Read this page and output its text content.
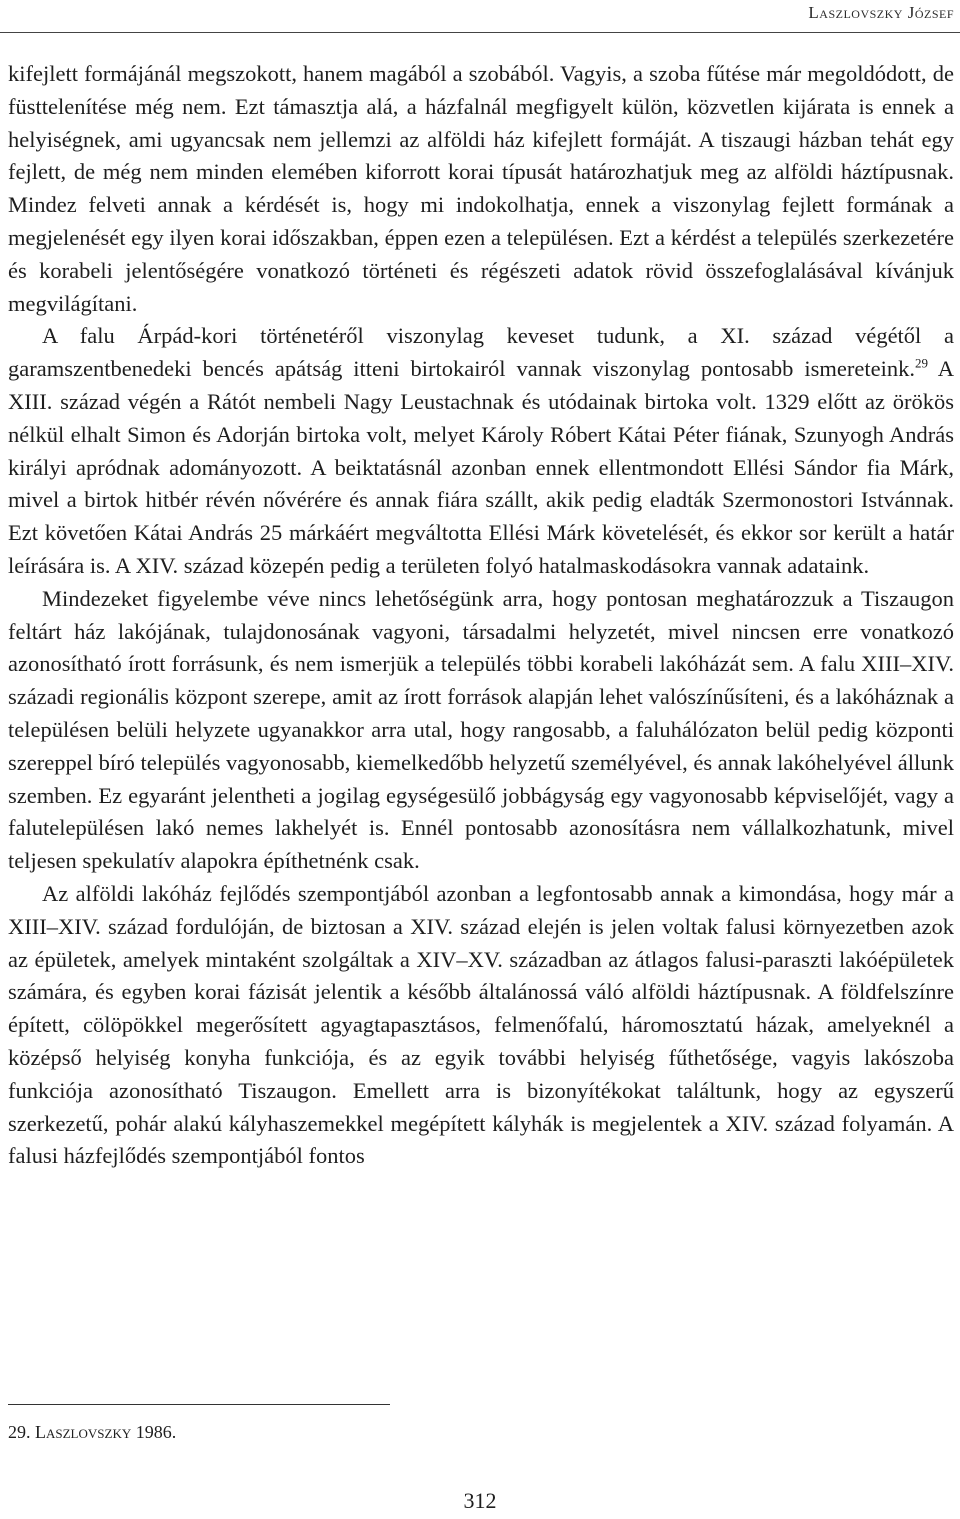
Laszlovszky József

kifejlett formájánál megszokott, hanem magából a szobából. Vagyis, a szoba fűtése már megoldódott, de füsttelenítése még nem. Ezt támasztja alá, a házfalnál megfigyelt külön, közvetlen kijárata is ennek a helyiségnek, ami ugyancsak nem jellemzi az alföldi ház kifejlett formáját. A tiszaugi házban tehát egy fejlett, de még nem minden elemében kiforrott korai típusát határozhatjuk meg az alföldi háztípusnak. Mindez felveti annak a kérdését is, hogy mi indokolhatja, ennek a viszonylag fejlett formának a megjelenését egy ilyen korai időszakban, éppen ezen a településen. Ezt a kérdést a település szerkezetére és korabeli jelentőségére vonatkozó történeti és régészeti adatok rövid összefoglalásával kívánjuk megvilágítani.

A falu Árpád-kori történetéről viszonylag keveset tudunk, a XI. század végétől a garamszentbenedeki bencés apátság itteni birtokairól vannak viszonylag pontosabb ismereteink.$^{29}$ A XIII. század végén a Rátót nembeli Nagy Leustachnak és utódainak birtoka volt. 1329 előtt az örökös nélkül elhalt Simon és Adorján birtoka volt, melyet Károly Róbert Kátai Péter fiának, Szunyogh András királyi apródnak adományozott. A beiktatásnál azonban ennek ellentmondott Ellési Sándor fia Márk, mivel a birtok hitbér révén nővérére és annak fiára szállt, akik pedig eladták Szermonostori Istvánnak. Ezt követően Kátai András 25 márkáért megváltotta Ellési Márk követelését, és ekkor sor került a határ leírására is. A XIV. század közepén pedig a területen folyó hatalmaskodásokra vannak adataink.

Mindezeket figyelembe véve nincs lehetőségünk arra, hogy pontosan meghatározzuk a Tiszaugon feltárt ház lakójának, tulajdonosának vagyoni, társadalmi helyzetét, mivel nincsen erre vonatkozó azonosítható írott forrásunk, és nem ismerjük a település többi korabeli lakóházát sem. A falu XIII–XIV. századi regionális központ szerepe, amit az írott források alapján lehet valószínűsíteni, és a lakóháznak a településen belüli helyzete ugyanakkor arra utal, hogy rangosabb, a faluhálózaton belül pedig központi szereppel bíró település vagyonosabb, kiemelkedőbb helyzetű személyével, és annak lakóhelyével állunk szemben. Ez egyaránt jelentheti a jogilag egységesülő jobbágyság egy vagyonosabb képviselőjét, vagy a falutelepülésen lakó nemes lakhelyét is. Ennél pontosabb azonosításra nem vállalkozhatunk, mivel teljesen spekulatív alapokra építhetnénk csak.

Az alföldi lakóház fejlődés szempontjából azonban a legfontosabb annak a kimondása, hogy már a XIII–XIV. század fordulóján, de biztosan a XIV. század elején is jelen voltak falusi környezetben azok az épületek, amelyek mintaként szolgáltak a XIV–XV. században az átlagos falusi-paraszti lakóépületek számára, és egyben korai fázisát jelentik a később általánossá váló alföldi háztípusnak. A földfelszínre épített, cölöpökkel megerősített agyagtapasztásos, felmenőfalú, háromosztatú házak, amelyeknél a középső helyiség konyha funkciója, és az egyik további helyiség fűthetősége, vagyis lakószoba funkciója azonosítható Tiszaugon. Emellett arra is bizonyítékokat találtunk, hogy az egyszerű szerkezetű, pohár alakú kályhaszemekkel megépített kályhák is megjelentek a XIV. század folyamán. A falusi házfejlődés szempontjából fontos

29. Laszlovszky 1986.
312
